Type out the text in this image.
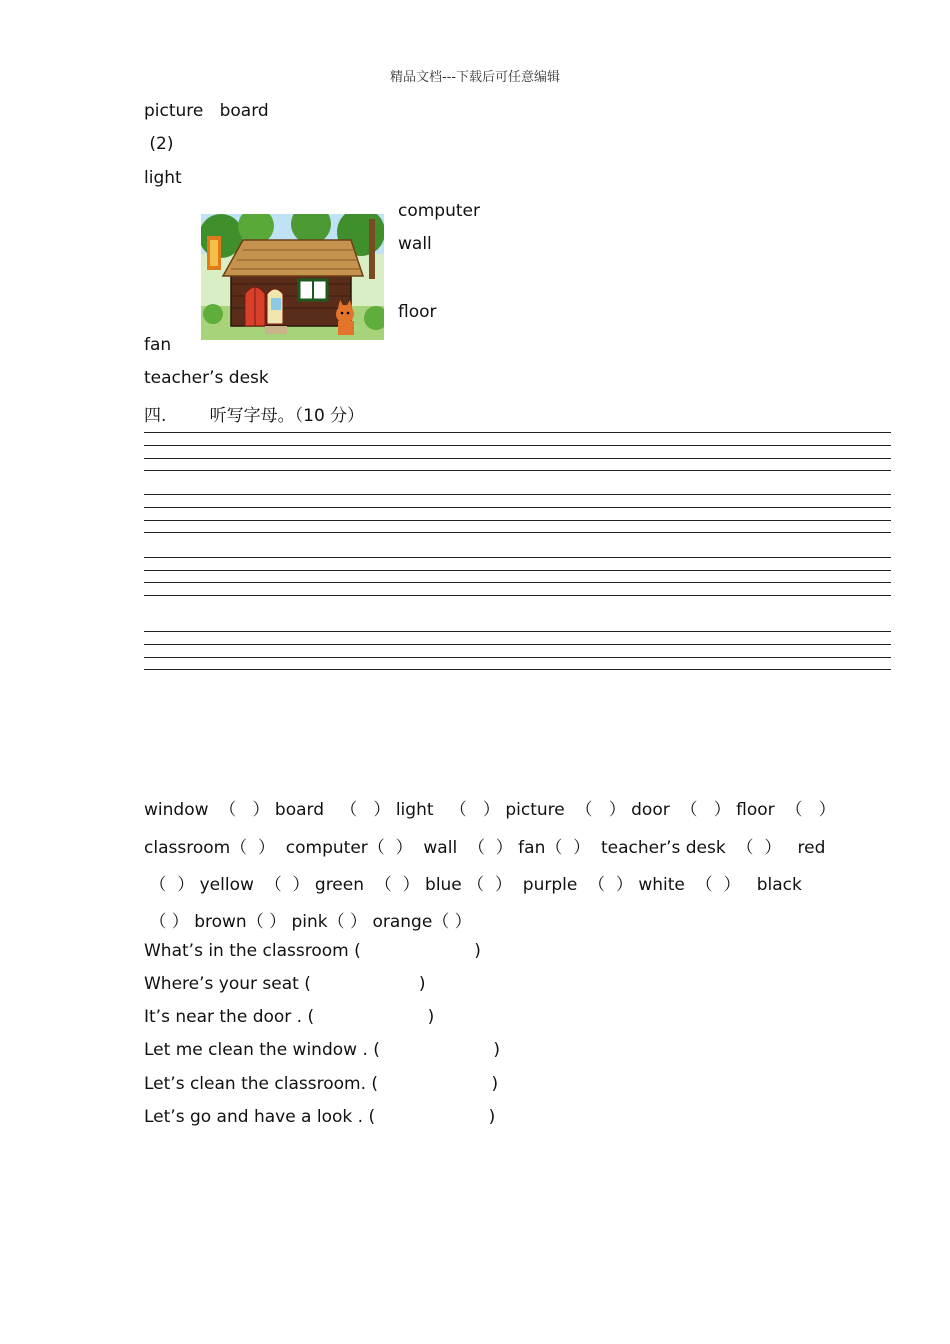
精品文档---下载后可任意编辑
picture   board
(2)
light
computer
wall
floor
fan
teacher’s desk
四.        听写字母。（10 分）
window  （   ） board   （   ） light   （   ） picture  （   ） door  （   ） floor  （   ）
classroom（  ）  computer（  ）  wall  （  ） fan（  ）  teacher’s desk  （  ）   red
（  ） yellow  （  ） green  （  ） blue （  ）  purple  （  ） white  （  ）   black
（ ） brown（ ） pink（ ） orange（ ）
What’s in the classroom (                     )
Where’s your seat (                    )
It’s near the door . (                     )
Let me clean the window . (                     )
Let’s clean the classroom. (                     )
Let’s go and have a look . (                     )
